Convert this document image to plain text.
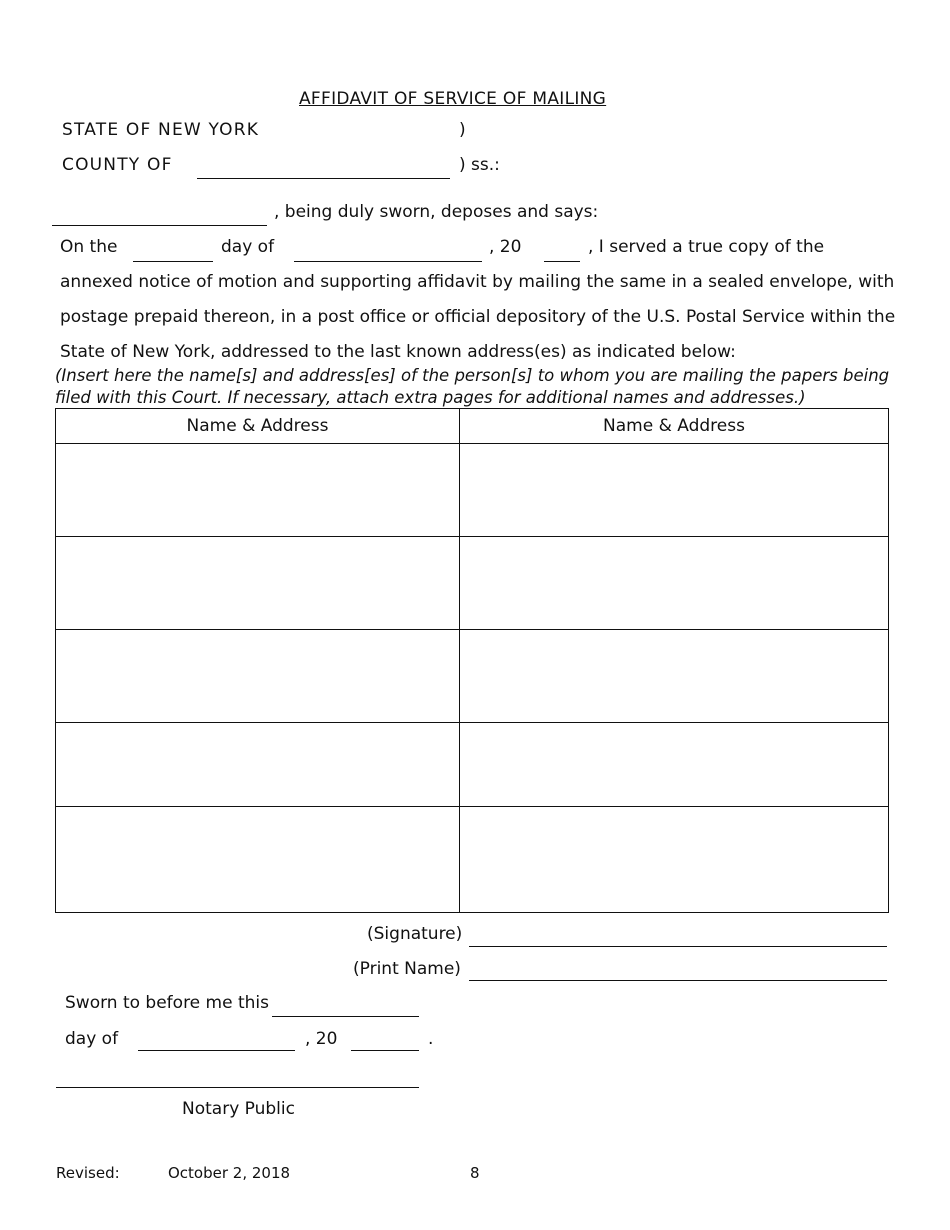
AFFIDAVIT OF SERVICE OF MAILING
STATE OF NEW YORK	)
COUNTY OF	) ss.:
, being duly sworn, deposes and says:
On the	day of	, 20	, I served a true copy of the
annexed notice of motion and supporting affidavit by mailing the same in a sealed envelope, with
postage prepaid thereon, in a post office or official depository of the U.S. Postal Service within the
State of New York, addressed to the last known address(es) as indicated below:
(Insert here the name[s] and address[es] of the person[s] to whom you are mailing the papers being
filed with this Court. If necessary, attach extra pages for additional names and addresses.)
Name & Address	Name & Address

(Signature)
(Print Name)
Sworn to before me this
day of	, 20	.
Notary Public
Revised:	October 2, 2018	8
